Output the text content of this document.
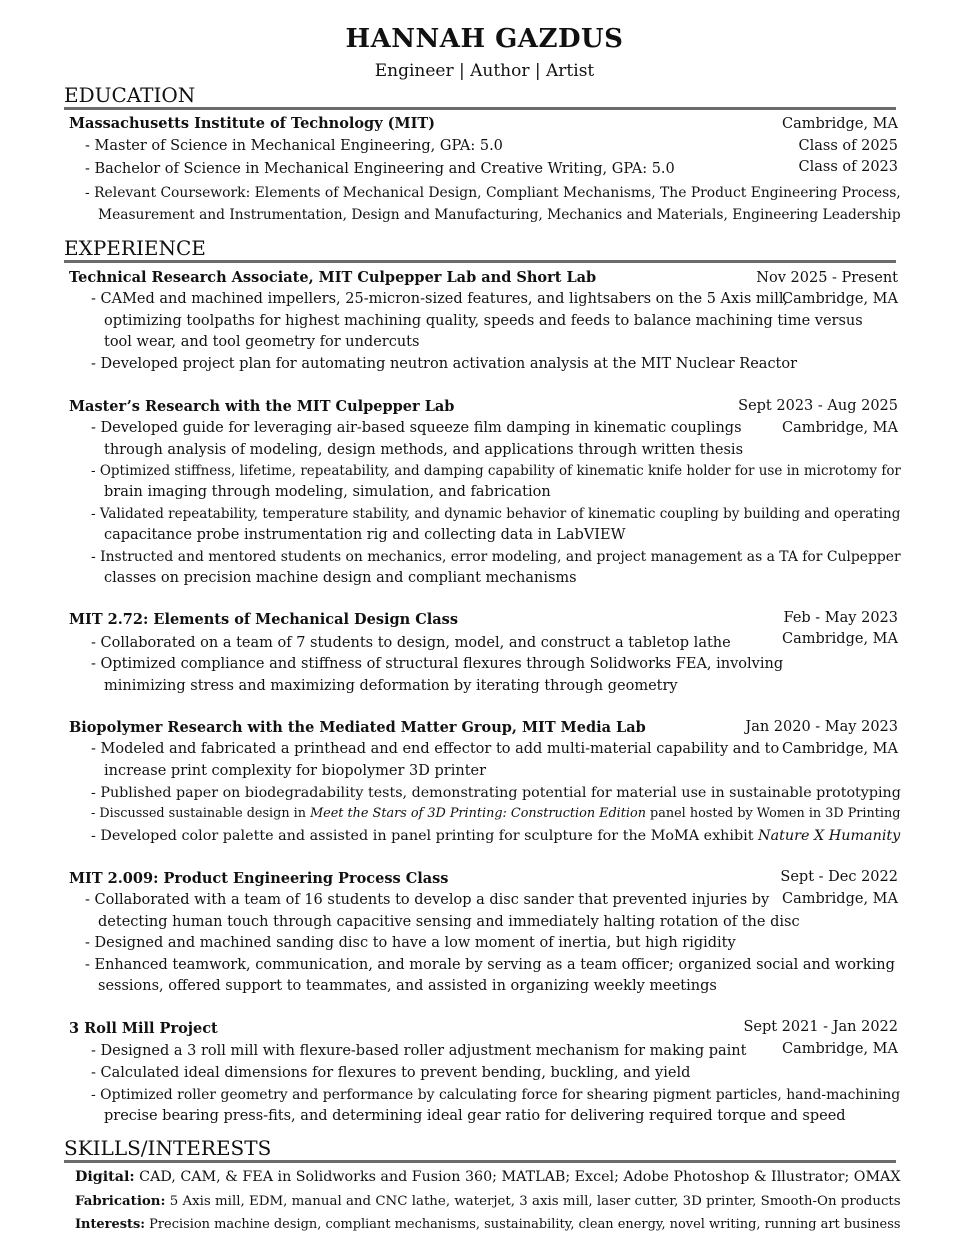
HANNAH GAZDUS
Engineer | Author | Artist
EDUCATION
Massachusetts Institute of Technology (MIT)	Cambridge, MA
- Master of Science in Mechanical Engineering, GPA: 5.0	Class of 2025
- Bachelor of Science in Mechanical Engineering and Creative Writing, GPA: 5.0	Class of 2023
- Relevant Coursework: Elements of Mechanical Design, Compliant Mechanisms, The Product Engineering Process,
Measurement and Instrumentation, Design and Manufacturing, Mechanics and Materials, Engineering Leadership
EXPERIENCE
Technical Research Associate, MIT Culpepper Lab and Short Lab	Nov 2025 - Present
Cambridge, MA
- CAMed and machined impellers, 25-micron-sized features, and lightsabers on the 5 Axis mill,
optimizing toolpaths for highest machining quality, speeds and feeds to balance machining time versus
tool wear, and tool geometry for undercuts
- Developed project plan for automating neutron activation analysis at the MIT Nuclear Reactor
Master’s Research with the MIT Culpepper Lab	Sept 2023 - Aug 2025
Cambridge, MA
- Developed guide for leveraging air-based squeeze film damping in kinematic couplings
through analysis of modeling, design methods, and applications through written thesis
- Optimized stiffness, lifetime, repeatability, and damping capability of kinematic knife holder for use in microtomy for
brain imaging through modeling, simulation, and fabrication
- Validated repeatability, temperature stability, and dynamic behavior of kinematic coupling by building and operating
capacitance probe instrumentation rig and collecting data in LabVIEW
- Instructed and mentored students on mechanics, error modeling, and project management as a TA for Culpepper
classes on precision machine design and compliant mechanisms
MIT 2.72: Elements of Mechanical Design Class	Feb - May 2023
Cambridge, MA
- Collaborated on a team of 7 students to design, model, and construct a tabletop lathe
- Optimized compliance and stiffness of structural flexures through Solidworks FEA, involving
minimizing stress and maximizing deformation by iterating through geometry
Biopolymer Research with the Mediated Matter Group, MIT Media Lab	Jan 2020 - May 2023
Cambridge, MA
- Modeled and fabricated a printhead and end effector to add multi-material capability and to
increase print complexity for biopolymer 3D printer
- Published paper on biodegradability tests, demonstrating potential for material use in sustainable prototyping
- Discussed sustainable design in Meet the Stars of 3D Printing: Construction Edition panel hosted by Women in 3D Printing
- Developed color palette and assisted in panel printing for sculpture for the MoMA exhibit Nature X Humanity
MIT 2.009: Product Engineering Process Class	Sept - Dec 2022
Cambridge, MA
- Collaborated with a team of 16 students to develop a disc sander that prevented injuries by
detecting human touch through capacitive sensing and immediately halting rotation of the disc
- Designed and machined sanding disc to have a low moment of inertia, but high rigidity
- Enhanced teamwork, communication, and morale by serving as a team officer; organized social and working
sessions, offered support to teammates, and assisted in organizing weekly meetings
3 Roll Mill Project	Sept 2021 - Jan 2022
Cambridge, MA
- Designed a 3 roll mill with flexure-based roller adjustment mechanism for making paint
- Calculated ideal dimensions for flexures to prevent bending, buckling, and yield
- Optimized roller geometry and performance by calculating force for shearing pigment particles, hand-machining
precise bearing press-fits, and determining ideal gear ratio for delivering required torque and speed
SKILLS/INTERESTS
Digital: CAD, CAM, & FEA in Solidworks and Fusion 360; MATLAB; Excel; Adobe Photoshop & Illustrator; OMAX
Fabrication: 5 Axis mill, EDM, manual and CNC lathe, waterjet, 3 axis mill, laser cutter, 3D printer, Smooth-On products
Interests: Precision machine design, compliant mechanisms, sustainability, clean energy, novel writing, running art business
